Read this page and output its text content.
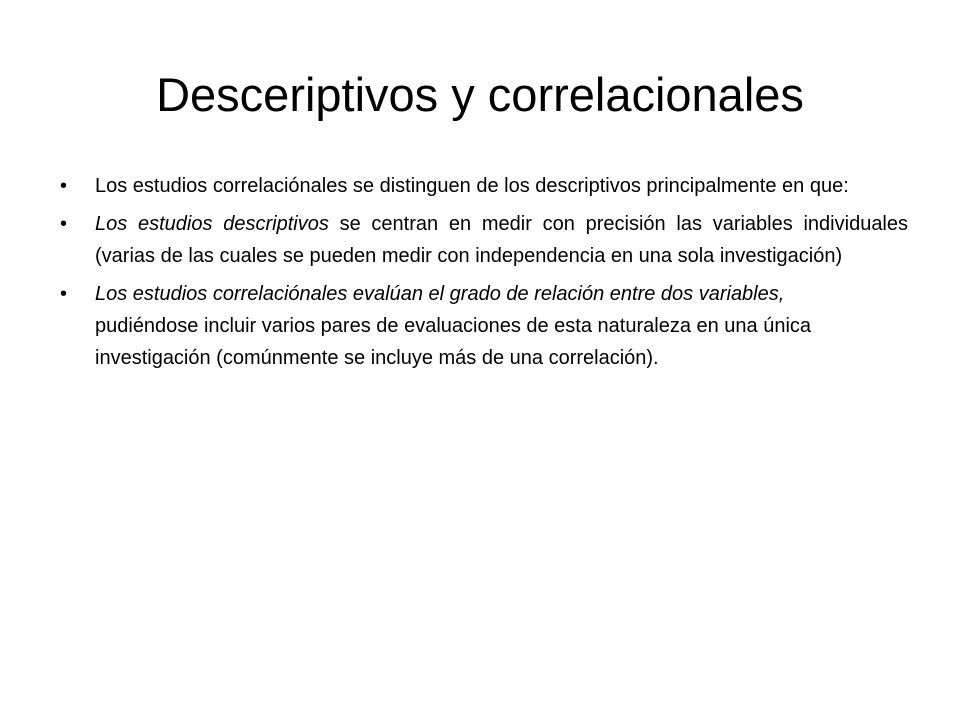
Desceriptivos y correlacionales
• Los estudios correlaciónales se distinguen de los descriptivos principalmente en que:
• Los estudios descriptivos se centran en medir con precisión las variables individuales (varias de las cuales se pueden medir con independencia en una sola investigación)
• Los estudios correlaciónales evalúan el grado de relación entre dos variables, pudiéndose incluir varios pares de evaluaciones de esta naturaleza en una única investigación (comúnmente se incluye más de una correlación).
